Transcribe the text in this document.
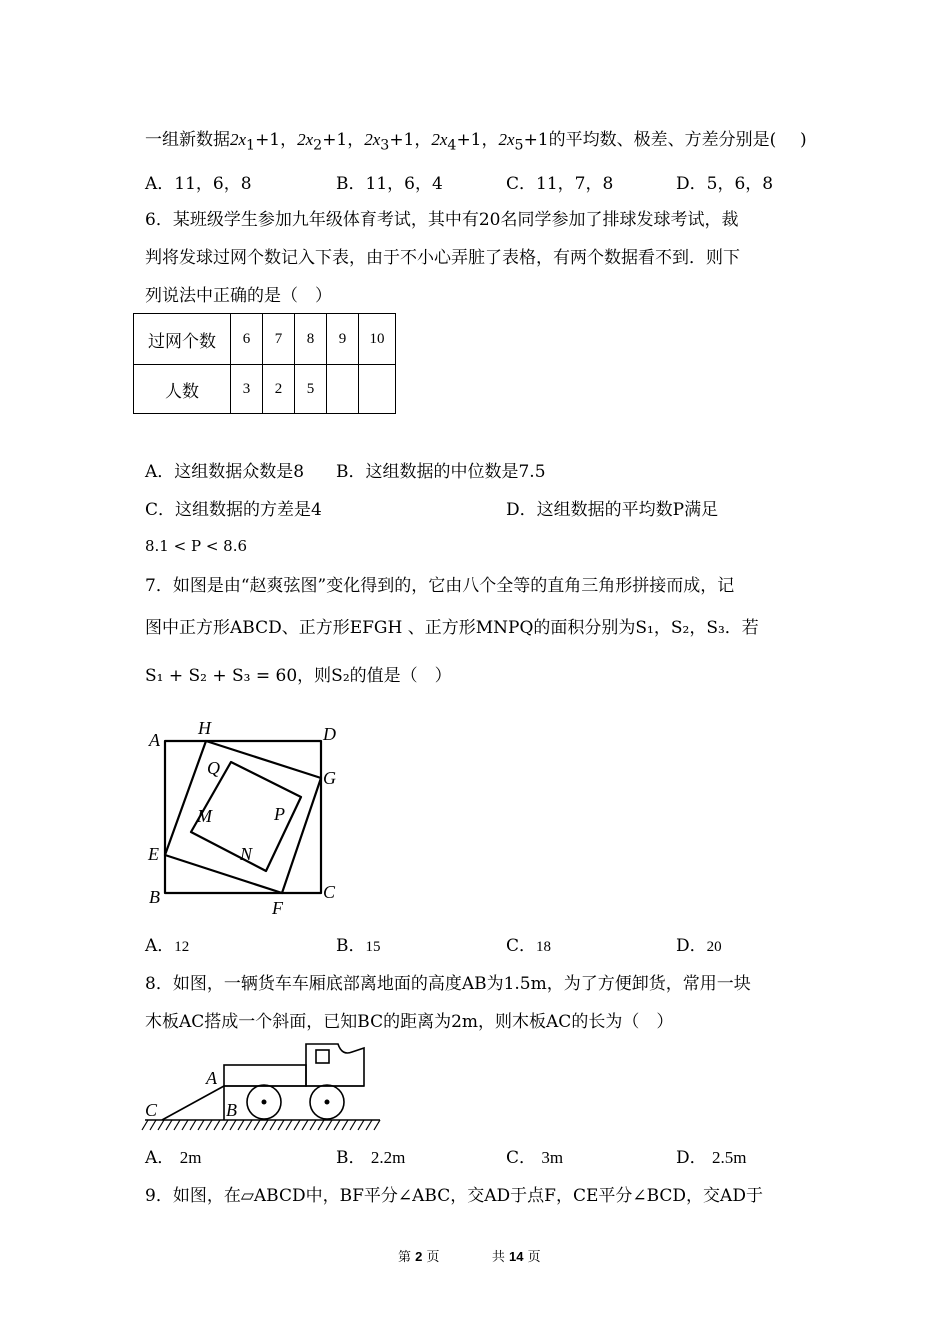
一组新数据$2x_1+1$，$2x_2+1$，$2x_3+1$，$2x_4+1$，$2x_5+1$的平均数、极差、方差分别是( )
A．11，6，8	B．11，6，4	C．11，7，8	D．5，6，8
6．某班级学生参加九年级体育考试，其中有20名同学参加了排球发球考试，裁
判将发球过网个数记入下表，由于不小心弄脏了表格，有两个数据看不到．则下
列说法中正确的是（　）
过网个数	6	7	8	9	10
人数	3	2	5		
A．这组数据众数是8 B．这组数据的中位数是7.5
C．这组数据的方差是4	D．这组数据的平均数P满足
8.1 < P < 8.6
7．如图是由“赵爽弦图”变化得到的，它由八个全等的直角三角形拼接而成，记
图中正方形ABCD、正方形EFGH 、正方形MNPQ的面积分别为S₁，S₂，S₃．若
S₁ + S₂ + S₃ = 60，则S₂的值是（　）
A
H	D
G
Q
P
M
N
E
B	C
F
A．12	B．15	C．18	D．20
8．如图，一辆货车车厢底部离地面的高度AB为1.5m，为了方便卸货，常用一块
木板AC搭成一个斜面，已知BC的距离为2m，则木板AC的长为（　）
A
B
C
A． 2m	B． 2.2m	C． 3m	D． 2.5m
9．如图，在▱ABCD中，BF平分∠ABC，交AD于点F，CE平分∠BCD，交AD于
第 2 页	共 14 页
